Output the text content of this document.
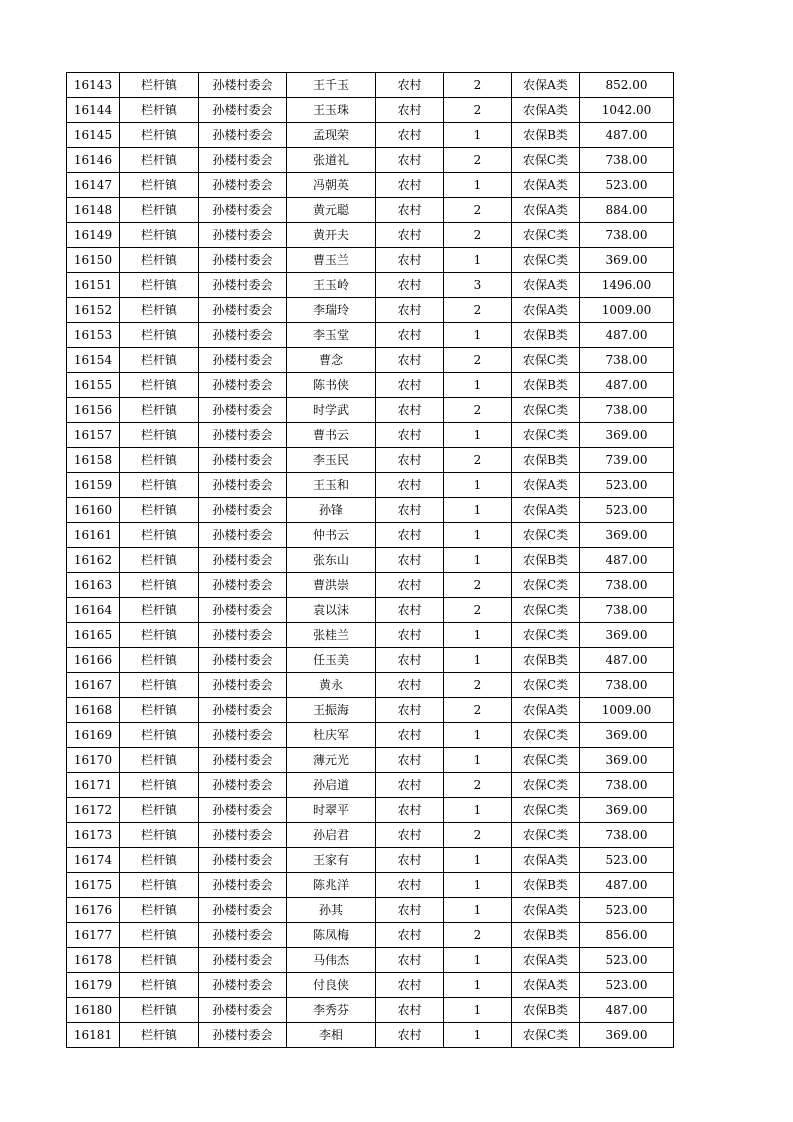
16143	栏杆镇	孙楼村委会	王千玉	农村	2	农保A类	852.00
16144	栏杆镇	孙楼村委会	王玉珠	农村	2	农保A类	1042.00
16145	栏杆镇	孙楼村委会	孟现荣	农村	1	农保B类	487.00
16146	栏杆镇	孙楼村委会	张道礼	农村	2	农保C类	738.00
16147	栏杆镇	孙楼村委会	冯朝英	农村	1	农保A类	523.00
16148	栏杆镇	孙楼村委会	黄元聪	农村	2	农保A类	884.00
16149	栏杆镇	孙楼村委会	黄开夫	农村	2	农保C类	738.00
16150	栏杆镇	孙楼村委会	曹玉兰	农村	1	农保C类	369.00
16151	栏杆镇	孙楼村委会	王玉岭	农村	3	农保A类	1496.00
16152	栏杆镇	孙楼村委会	李瑞玲	农村	2	农保A类	1009.00
16153	栏杆镇	孙楼村委会	李玉堂	农村	1	农保B类	487.00
16154	栏杆镇	孙楼村委会	曹念	农村	2	农保C类	738.00
16155	栏杆镇	孙楼村委会	陈书侠	农村	1	农保B类	487.00
16156	栏杆镇	孙楼村委会	时学武	农村	2	农保C类	738.00
16157	栏杆镇	孙楼村委会	曹书云	农村	1	农保C类	369.00
16158	栏杆镇	孙楼村委会	李玉民	农村	2	农保B类	739.00
16159	栏杆镇	孙楼村委会	王玉和	农村	1	农保A类	523.00
16160	栏杆镇	孙楼村委会	孙锋	农村	1	农保A类	523.00
16161	栏杆镇	孙楼村委会	仲书云	农村	1	农保C类	369.00
16162	栏杆镇	孙楼村委会	张东山	农村	1	农保B类	487.00
16163	栏杆镇	孙楼村委会	曹洪崇	农村	2	农保C类	738.00
16164	栏杆镇	孙楼村委会	袁以沫	农村	2	农保C类	738.00
16165	栏杆镇	孙楼村委会	张桂兰	农村	1	农保C类	369.00
16166	栏杆镇	孙楼村委会	任玉美	农村	1	农保B类	487.00
16167	栏杆镇	孙楼村委会	黄永	农村	2	农保C类	738.00
16168	栏杆镇	孙楼村委会	王振海	农村	2	农保A类	1009.00
16169	栏杆镇	孙楼村委会	杜庆军	农村	1	农保C类	369.00
16170	栏杆镇	孙楼村委会	薄元光	农村	1	农保C类	369.00
16171	栏杆镇	孙楼村委会	孙启道	农村	2	农保C类	738.00
16172	栏杆镇	孙楼村委会	时翠平	农村	1	农保C类	369.00
16173	栏杆镇	孙楼村委会	孙启君	农村	2	农保C类	738.00
16174	栏杆镇	孙楼村委会	王家有	农村	1	农保A类	523.00
16175	栏杆镇	孙楼村委会	陈兆洋	农村	1	农保B类	487.00
16176	栏杆镇	孙楼村委会	孙其	农村	1	农保A类	523.00
16177	栏杆镇	孙楼村委会	陈凤梅	农村	2	农保B类	856.00
16178	栏杆镇	孙楼村委会	马伟杰	农村	1	农保A类	523.00
16179	栏杆镇	孙楼村委会	付良侠	农村	1	农保A类	523.00
16180	栏杆镇	孙楼村委会	李秀芬	农村	1	农保B类	487.00
16181	栏杆镇	孙楼村委会	李相	农村	1	农保C类	369.00
